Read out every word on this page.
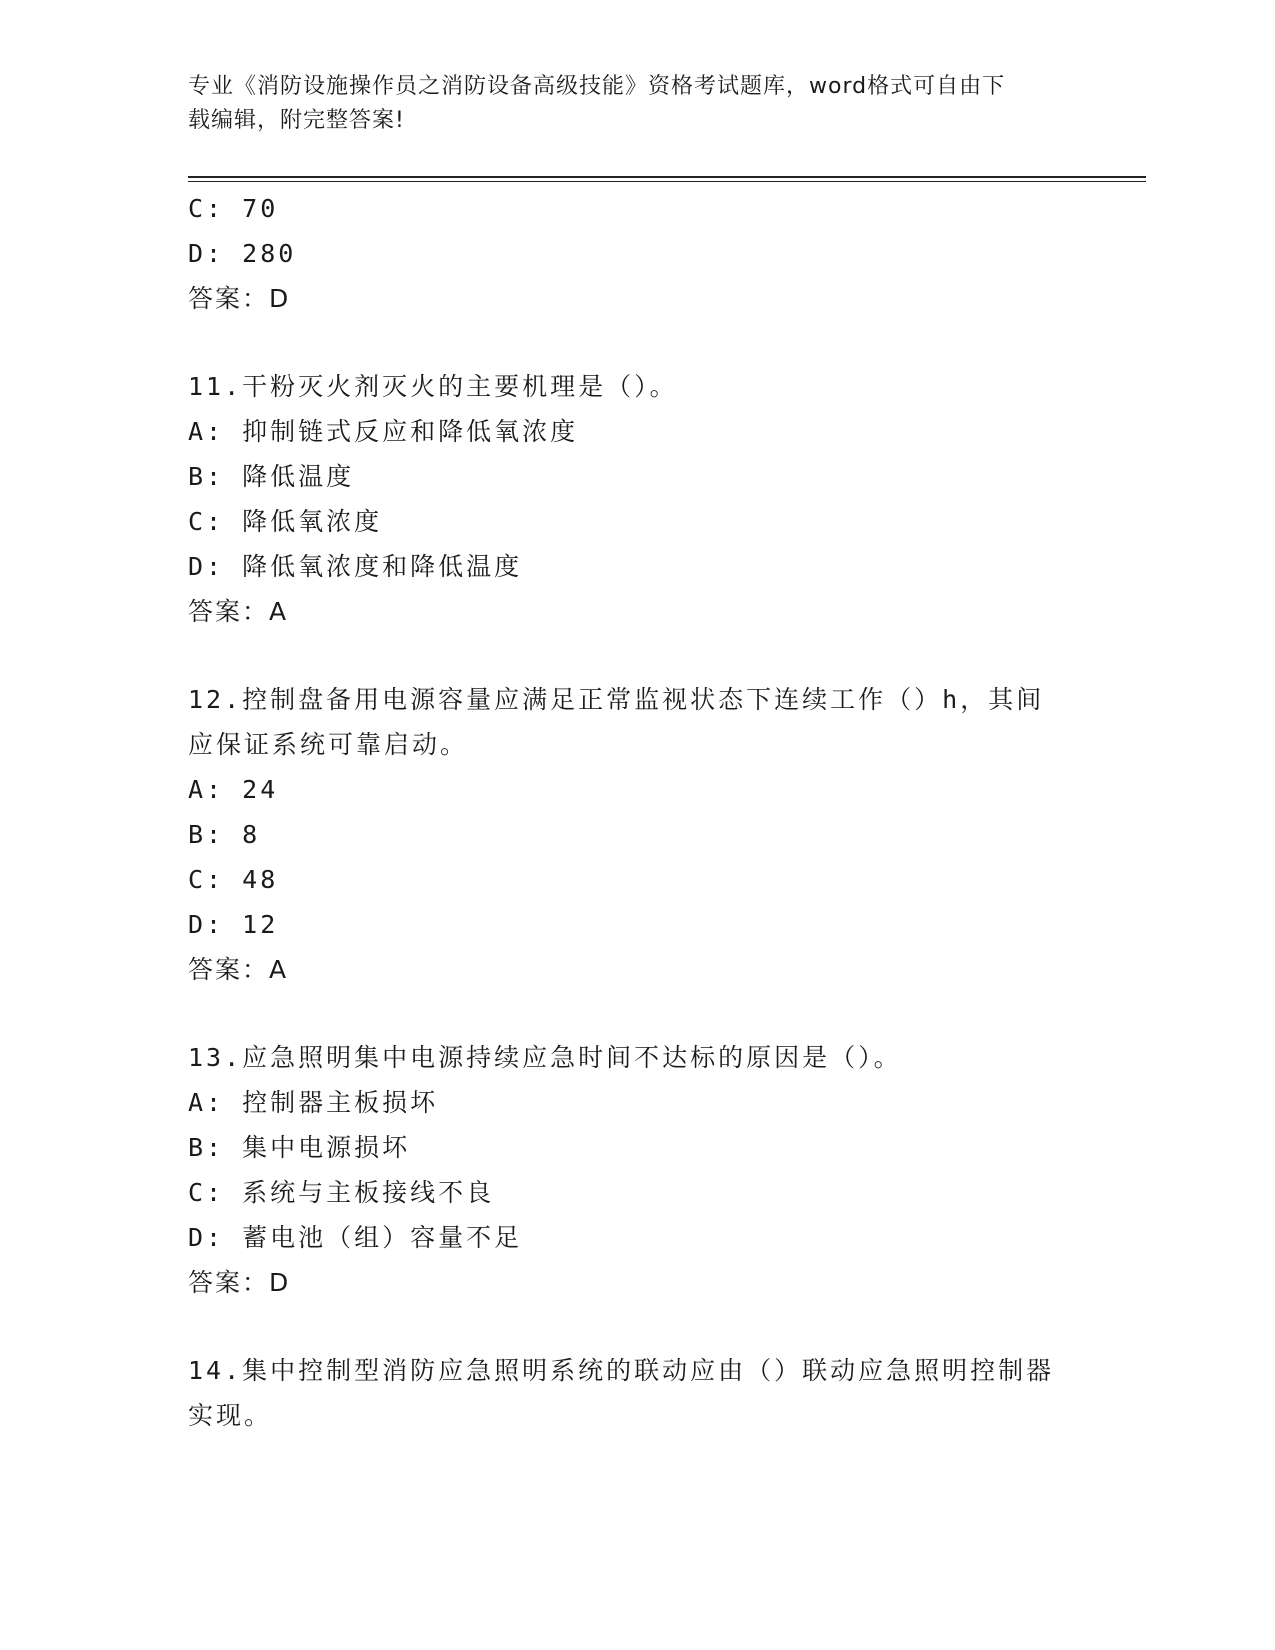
专业《消防设施操作员之消防设备高级技能》资格考试题库，word格式可自由下
载编辑，附完整答案!
C: 70
D: 280
答案：D
11.干粉灭火剂灭火的主要机理是（）。
A: 抑制链式反应和降低氧浓度
B: 降低温度
C: 降低氧浓度
D: 降低氧浓度和降低温度
答案：A
12.控制盘备用电源容量应满足正常监视状态下连续工作（）h，其间
应保证系统可靠启动。
A: 24
B: 8
C: 48
D: 12
答案：A
13.应急照明集中电源持续应急时间不达标的原因是（）。
A: 控制器主板损坏
B: 集中电源损坏
C: 系统与主板接线不良
D: 蓄电池（组）容量不足
答案：D
14.集中控制型消防应急照明系统的联动应由（）联动应急照明控制器
实现。
